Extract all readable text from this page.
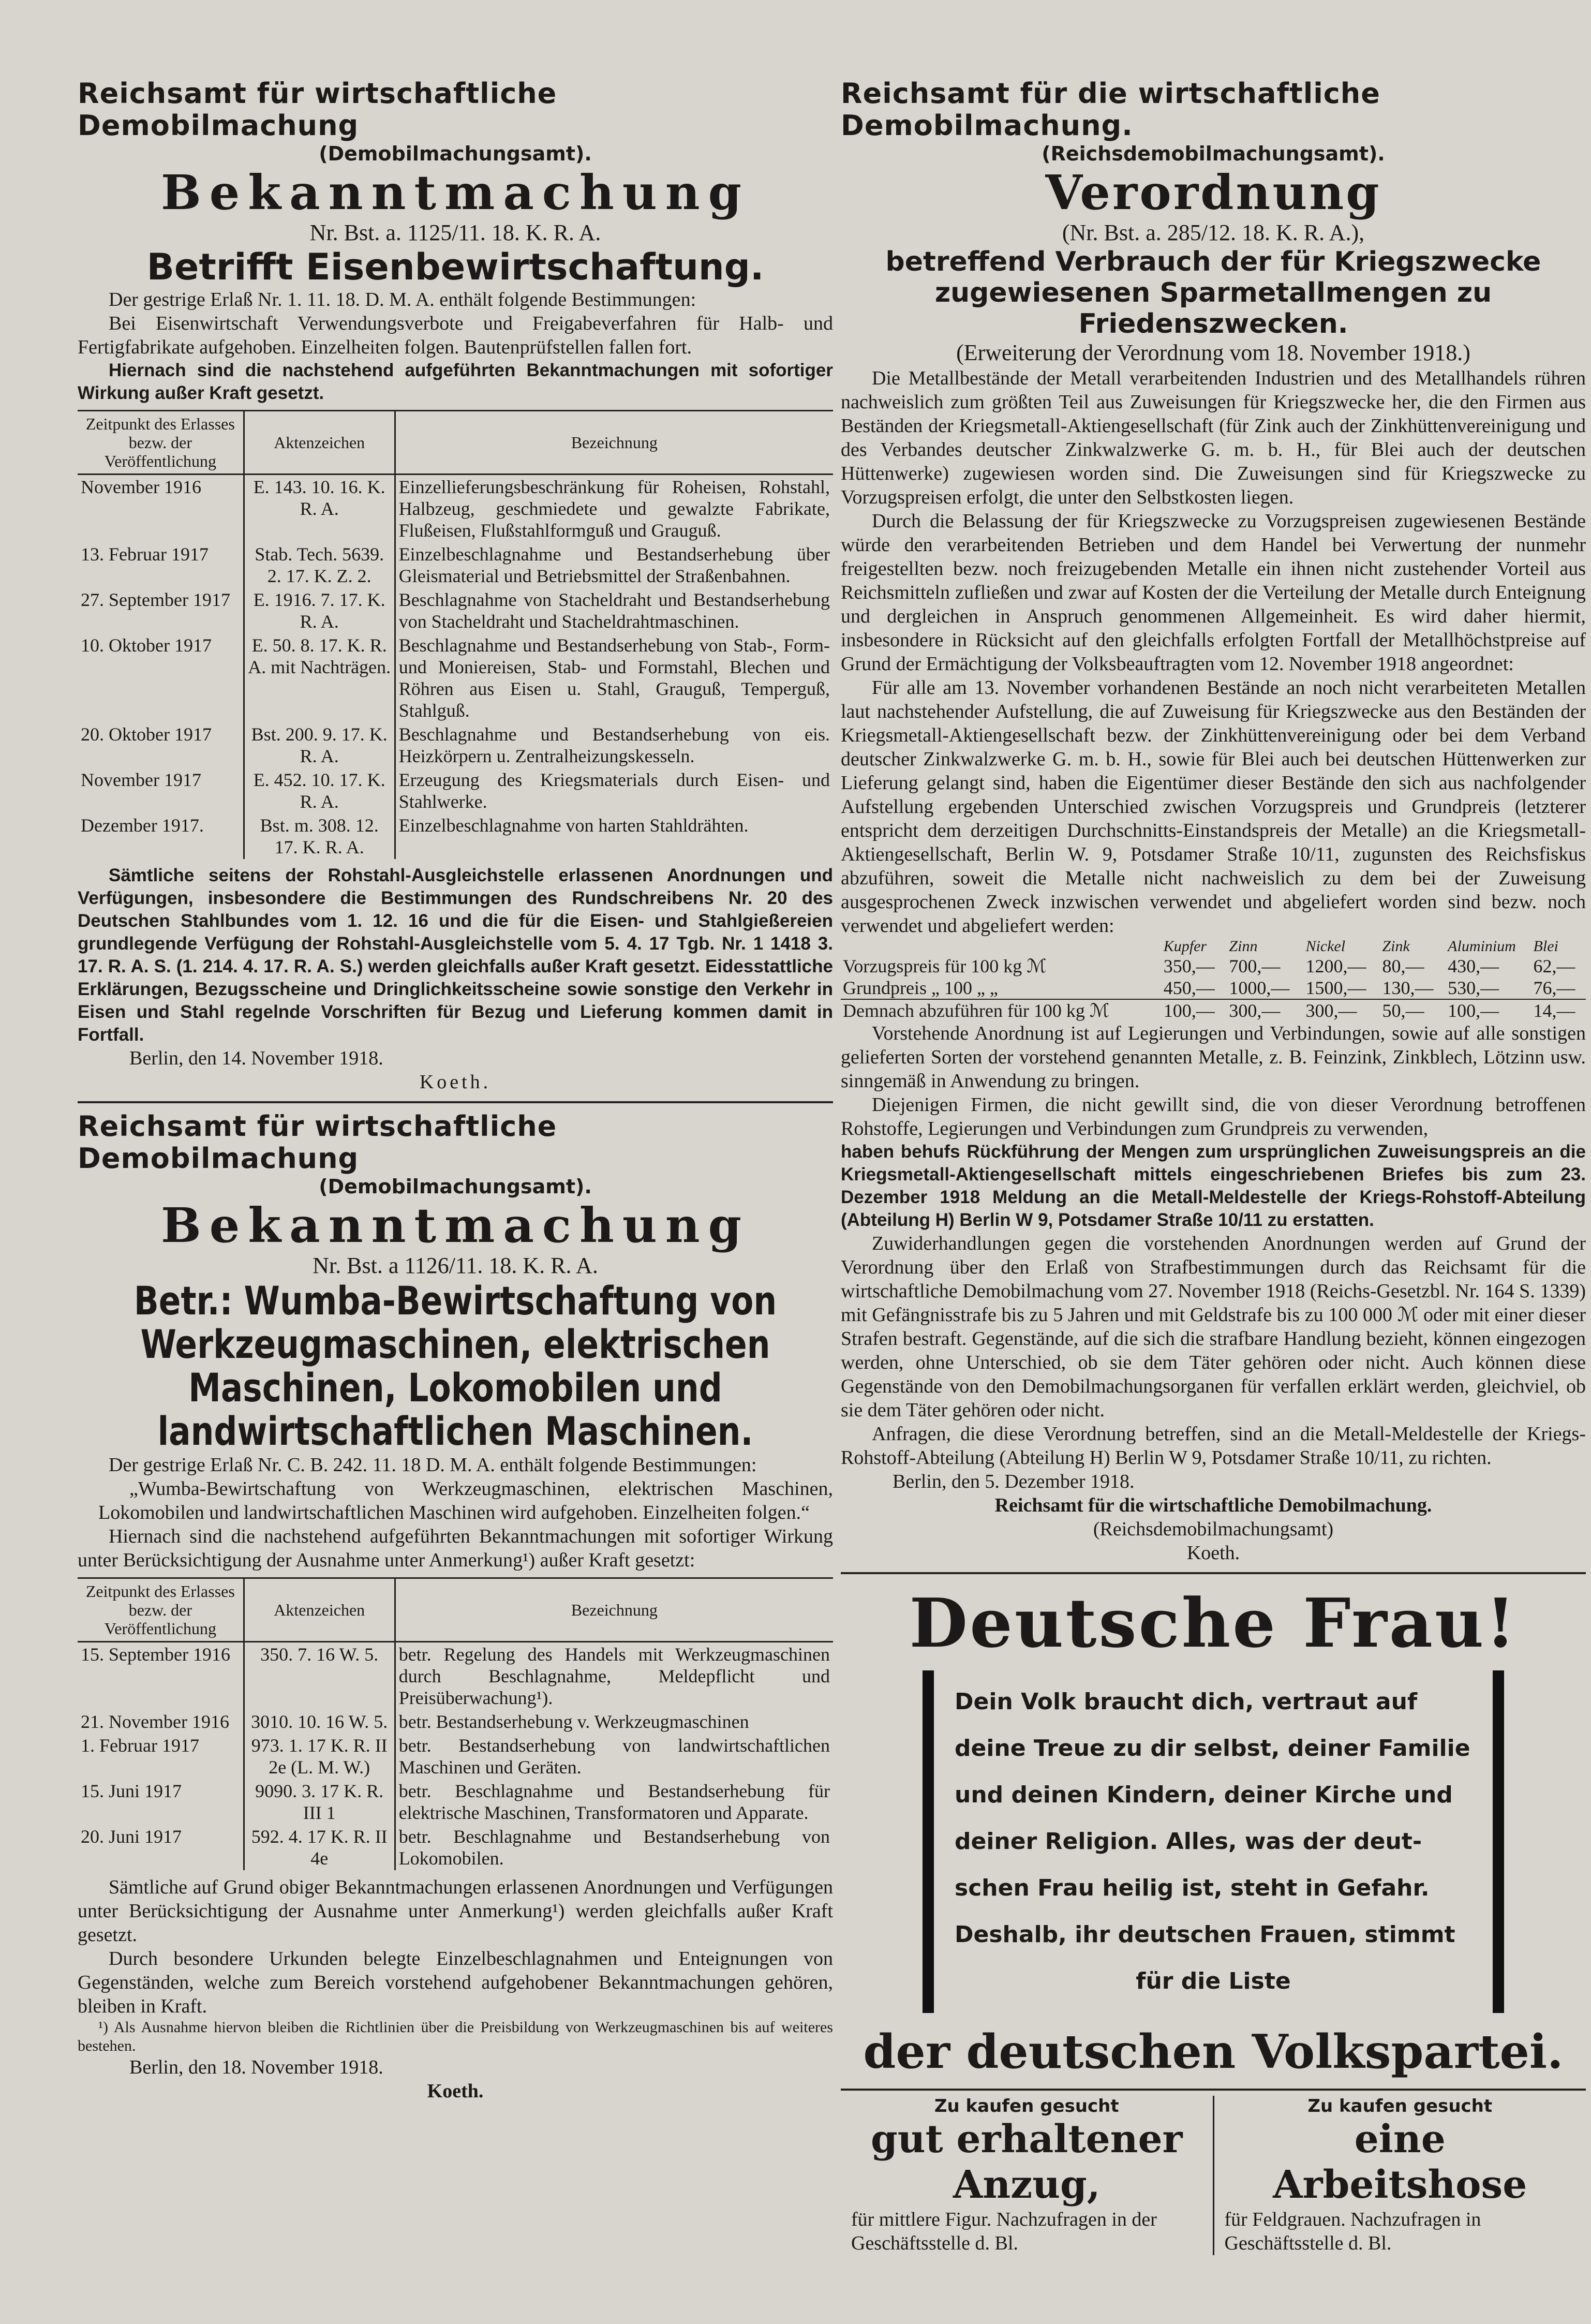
Reichsamt für wirtschaftliche Demobilmachung
(Demobilmachungsamt).
Bekanntmachung
Nr. Bst. a. 1125/11. 18. K. R. A.
Betrifft Eisenbewirtschaftung.

Der gestrige Erlaß Nr. 1. 11. 18. D. M. A. enthält folgende Bestimmungen:

Bei Eisenwirtschaft Verwendungsverbote und Freigabeverfahren für Halb- und Fertigfabrikate aufgehoben. Einzelheiten folgen. Bautenprüfstellen fallen fort.

Hiernach sind die nachstehend aufgeführten Bekanntmachungen mit sofortiger Wirkung außer Kraft gesetzt.

Zeitpunkt des Erlasses bezw. der Veröffentlichung	Aktenzeichen	Bezeichnung
November 1916	E. 143. 10. 16. K. R. A.	Einzellieferungsbeschränkung für Roheisen, Rohstahl, Halbzeug, geschmiedete und gewalzte Fabrikate, Flußeisen, Flußstahlformguß und Grauguß.
13. Februar 1917	Stab. Tech. 5639. 2. 17. K. Z. 2.	Einzelbeschlagnahme und Bestandserhebung über Gleismaterial und Betriebsmittel der Straßenbahnen.
27. September 1917	E. 1916. 7. 17. K. R. A.	Beschlagnahme von Stacheldraht und Bestandserhebung von Stacheldraht und Stacheldrahtmaschinen.
10. Oktober 1917	E. 50. 8. 17. K. R. A. mit Nachträgen.	Beschlagnahme und Bestandserhebung von Stab-, Form- und Moniereisen, Stab- und Formstahl, Blechen und Röhren aus Eisen u. Stahl, Grauguß, Temperguß, Stahlguß.
20. Oktober 1917	Bst. 200. 9. 17. K. R. A.	Beschlagnahme und Bestandserhebung von eis. Heizkörpern u. Zentralheizungskesseln.
November 1917	E. 452. 10. 17. K. R. A.	Erzeugung des Kriegsmaterials durch Eisen- und Stahlwerke.
Dezember 1917.	Bst. m. 308. 12. 17. K. R. A.	Einzelbeschlagnahme von harten Stahldrähten.

Sämtliche seitens der Rohstahl-Ausgleichstelle erlassenen Anordnungen und Verfügungen, insbesondere die Bestimmungen des Rundschreibens Nr. 20 des Deutschen Stahlbundes vom 1. 12. 16 und die für die Eisen- und Stahlgießereien grundlegende Verfügung der Rohstahl-Ausgleichstelle vom 5. 4. 17 Tgb. Nr. 1 1418 3. 17. R. A. S. (1. 214. 4. 17. R. A. S.) werden gleichfalls außer Kraft gesetzt. Eidesstattliche Erklärungen, Bezugsscheine und Dringlichkeitsscheine sowie sonstige den Verkehr in Eisen und Stahl regelnde Vorschriften für Bezug und Lieferung kommen damit in Fortfall.

Berlin, den 14. November 1918.
Koeth.
Reichsamt für wirtschaftliche Demobilmachung
(Demobilmachungsamt).
Bekanntmachung
Nr. Bst. a 1126/11. 18. K. R. A.
Betr.: Wumba-Bewirtschaftung von Werkzeugmaschinen, elektrischen Maschinen, Lokomobilen und landwirtschaftlichen Maschinen.

Der gestrige Erlaß Nr. C. B. 242. 11. 18 D. M. A. enthält folgende Bestimmungen:

„Wumba-Bewirtschaftung von Werkzeugmaschinen, elektrischen Maschinen, Lokomobilen und landwirtschaftlichen Maschinen wird aufgehoben. Einzelheiten folgen.“

Hiernach sind die nachstehend aufgeführten Bekanntmachungen mit sofortiger Wirkung unter Berücksichtigung der Ausnahme unter Anmerkung¹) außer Kraft gesetzt:

Zeitpunkt des Erlasses bezw. der Veröffentlichung	Aktenzeichen	Bezeichnung
15. September 1916	350. 7. 16 W. 5.	betr. Regelung des Handels mit Werkzeugmaschinen durch Beschlagnahme, Meldepflicht und Preisüberwachung¹).
21. November 1916	3010. 10. 16 W. 5.	betr. Bestandserhebung v. Werkzeugmaschinen
1. Februar 1917	973. 1. 17 K. R. II 2e (L. M. W.)	betr. Bestandserhebung von landwirtschaftlichen Maschinen und Geräten.
15. Juni 1917	9090. 3. 17 K. R. III 1	betr. Beschlagnahme und Bestandserhebung für elektrische Maschinen, Transformatoren und Apparate.
20. Juni 1917	592. 4. 17 K. R. II 4e	betr. Beschlagnahme und Bestandserhebung von Lokomobilen.

Sämtliche auf Grund obiger Bekanntmachungen erlassenen Anordnungen und Verfügungen unter Berücksichtigung der Ausnahme unter Anmerkung¹) werden gleichfalls außer Kraft gesetzt.

Durch besondere Urkunden belegte Einzelbeschlagnahmen und Enteignungen von Gegenständen, welche zum Bereich vorstehend aufgehobener Bekanntmachungen gehören, bleiben in Kraft.

¹) Als Ausnahme hiervon bleiben die Richtlinien über die Preisbildung von Werkzeugmaschinen bis auf weiteres bestehen.
Berlin, den 18. November 1918.
Koeth.
Reichsamt für die wirtschaftliche Demobilmachung.
(Reichsdemobilmachungsamt).
Verordnung
(Nr. Bst. a. 285/12. 18. K. R. A.),
betreffend Verbrauch der für Kriegszwecke zugewiesenen Sparmetallmengen zu Friedenszwecken.
(Erweiterung der Verordnung vom 18. November 1918.)

Die Metallbestände der Metall verarbeitenden Industrien und des Metallhandels rühren nachweislich zum größten Teil aus Zuweisungen für Kriegszwecke her, die den Firmen aus Beständen der Kriegsmetall-Aktiengesellschaft (für Zink auch der Zinkhüttenvereinigung und des Verbandes deutscher Zinkwalzwerke G. m. b. H., für Blei auch der deutschen Hüttenwerke) zugewiesen worden sind. Die Zuweisungen sind für Kriegszwecke zu Vorzugspreisen erfolgt, die unter den Selbstkosten liegen.

Durch die Belassung der für Kriegszwecke zu Vorzugspreisen zugewiesenen Bestände würde den verarbeitenden Betrieben und dem Handel bei Verwertung der nunmehr freigestellten bezw. noch freizugebenden Metalle ein ihnen nicht zustehender Vorteil aus Reichsmitteln zufließen und zwar auf Kosten der die Verteilung der Metalle durch Enteignung und dergleichen in Anspruch genommenen Allgemeinheit. Es wird daher hiermit, insbesondere in Rücksicht auf den gleichfalls erfolgten Fortfall der Metallhöchstpreise auf Grund der Ermächtigung der Volksbeauftragten vom 12. November 1918 angeordnet:

Für alle am 13. November vorhandenen Bestände an noch nicht verarbeiteten Metallen laut nachstehender Aufstellung, die auf Zuweisung für Kriegszwecke aus den Beständen der Kriegsmetall-Aktiengesellschaft bezw. der Zinkhüttenvereinigung oder bei dem Verband deutscher Zinkwalzwerke G. m. b. H., sowie für Blei auch bei deutschen Hüttenwerken zur Lieferung gelangt sind, haben die Eigentümer dieser Bestände den sich aus nachfolgender Aufstellung ergebenden Unterschied zwischen Vorzugspreis und Grundpreis (letzterer entspricht dem derzeitigen Durchschnitts-Einstandspreis der Metalle) an die Kriegsmetall-Aktiengesellschaft, Berlin W. 9, Potsdamer Straße 10/11, zugunsten des Reichsfiskus abzuführen, soweit die Metalle nicht nachweislich zu dem bei der Zuweisung ausgesprochenen Zweck inzwischen verwendet und abgeliefert worden sind bezw. noch verwendet und abgeliefert werden:

	Kupfer	Zinn	Nickel	Zink	Aluminium	Blei
Vorzugspreis für 100 kg ℳ	350,—	700,—	1200,—	80,—	430,—	62,—
Grundpreis „ 100 „ „	450,—	1000,—	1500,—	130,—	530,—	76,—
Demnach abzuführen für 100 kg ℳ	100,—	300,—	300,—	50,—	100,—	14,—

Vorstehende Anordnung ist auf Legierungen und Verbindungen, sowie auf alle sonstigen gelieferten Sorten der vorstehend genannten Metalle, z. B. Feinzink, Zinkblech, Lötzinn usw. sinngemäß in Anwendung zu bringen.

Diejenigen Firmen, die nicht gewillt sind, die von dieser Verordnung betroffenen Rohstoffe, Legierungen und Verbindungen zum Grundpreis zu verwenden,

haben behufs Rückführung der Mengen zum ursprünglichen Zuweisungspreis an die Kriegsmetall-Aktiengesellschaft mittels eingeschriebenen Briefes bis zum 23. Dezember 1918 Meldung an die Metall-Meldestelle der Kriegs-Rohstoff-Abteilung (Abteilung H) Berlin W 9, Potsdamer Straße 10/11 zu erstatten.

Zuwiderhandlungen gegen die vorstehenden Anordnungen werden auf Grund der Verordnung über den Erlaß von Strafbestimmungen durch das Reichsamt für die wirtschaftliche Demobilmachung vom 27. November 1918 (Reichs-Gesetzbl. Nr. 164 S. 1339) mit Gefängnisstrafe bis zu 5 Jahren und mit Geldstrafe bis zu 100 000 ℳ oder mit einer dieser Strafen bestraft. Gegenstände, auf die sich die strafbare Handlung bezieht, können eingezogen werden, ohne Unterschied, ob sie dem Täter gehören oder nicht. Auch können diese Gegenstände von den Demobilmachungsorganen für verfallen erklärt werden, gleichviel, ob sie dem Täter gehören oder nicht.

Anfragen, die diese Verordnung betreffen, sind an die Metall-Meldestelle der Kriegs-Rohstoff-Abteilung (Abteilung H) Berlin W 9, Potsdamer Straße 10/11, zu richten.

Berlin, den 5. Dezember 1918.
Reichsamt für die wirtschaftliche Demobilmachung.
(Reichsdemobilmachungsamt)
Koeth.
Deutsche Frau!

Dein Volk braucht dich, vertraut auf

deine Treue zu dir selbst, deiner Familie

und deinen Kindern, deiner Kirche und

deiner Religion. Alles, was der deut-

schen Frau heilig ist, steht in Gefahr.

Deshalb, ihr deutschen Frauen, stimmt

für die Liste

der deutschen Volkspartei.
Zu kaufen gesucht
gut erhaltener Anzug,
für mittlere Figur. Nachzufragen in der Geschäftsstelle d. Bl.
Zu kaufen gesucht
eine Arbeitshose
für Feldgrauen. Nachzufragen in Geschäftsstelle d. Bl.
